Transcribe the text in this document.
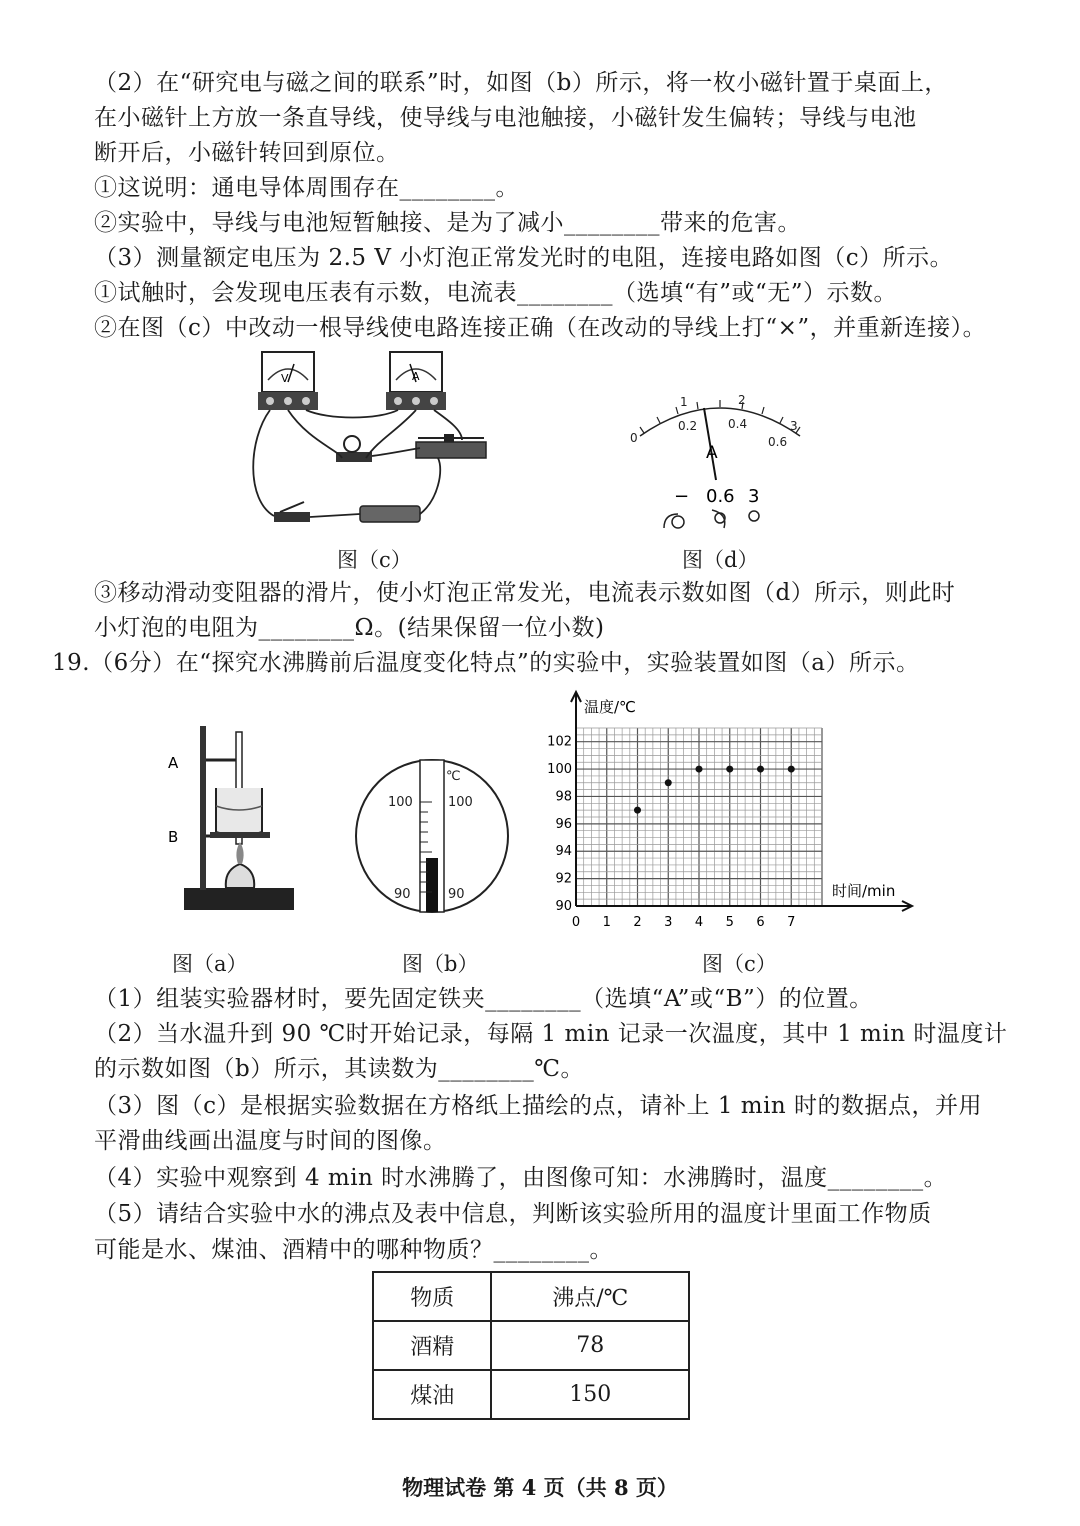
（2）在“研究电与磁之间的联系”时，如图（b）所示，将一枚小磁针置于桌面上，
在小磁针上方放一条直导线，使导线与电池触接，小磁针发生偏转；导线与电池
断开后，小磁针转回到原位。
①这说明：通电导体周围存在________。
②实验中，导线与电池短暂触接、是为了减小________带来的危害。
（3）测量额定电压为 2.5 V 小灯泡正常发光时的电阻，连接电路如图（c）所示。
①试触时，会发现电压表有示数，电流表________（选填“有”或“无”）示数。
②在图（c）中改动一根导线使电路连接正确（在改动的导线上打“×”，并重新连接）。
V	A
图（c）
0
0.2	0.4
0.6
1	2
3
A
− 0.6 3
图（d）
③移动滑动变阻器的滑片，使小灯泡正常发光，电流表示数如图（d）所示，则此时
小灯泡的电阻为________Ω。(结果保留一位小数)
19.（6分）在“探究水沸腾前后温度变化特点”的实验中，实验装置如图（a）所示。
A
B
图（a）
℃
100	100
90	90
图（b）
0 1 2 3 4 5 6 7
90
92
94
96
98
100
102
温度/℃
时间/min
图（c）
（1）组装实验器材时，要先固定铁夹________（选填“A”或“B”）的位置。
（2）当水温升到 90 ℃时开始记录，每隔 1 min 记录一次温度，其中 1 min 时温度计
的示数如图（b）所示，其读数为________℃。
（3）图（c）是根据实验数据在方格纸上描绘的点，请补上 1 min 时的数据点，并用
平滑曲线画出温度与时间的图像。
（4）实验中观察到 4 min 时水沸腾了，由图像可知：水沸腾时，温度________。
（5）请结合实验中水的沸点及表中信息，判断该实验所用的温度计里面工作物质
可能是水、煤油、酒精中的哪种物质？________。
物质	沸点/℃
酒精	78
煤油	150
物理试卷 第 4 页（共 8 页）
